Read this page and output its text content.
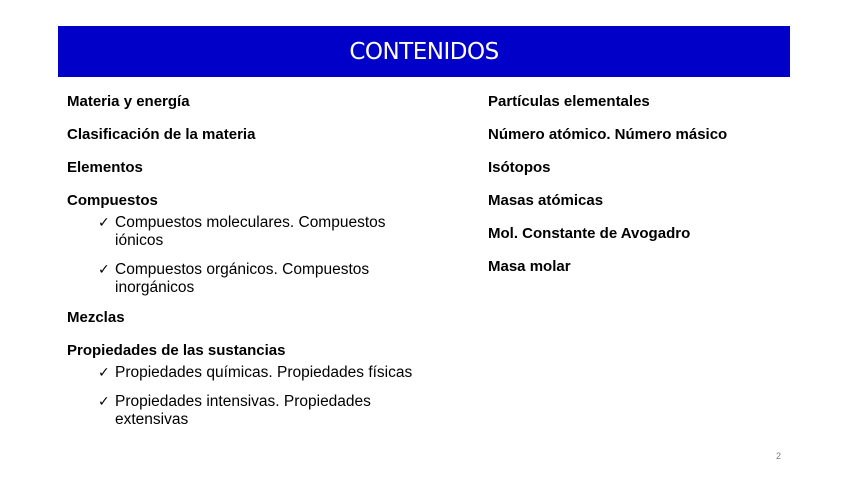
CONTENIDOS
Materia y energía
Clasificación de la materia
Elementos
Compuestos
✓ Compuestos moleculares. Compuestos
iónicos
✓ Compuestos orgánicos. Compuestos
inorgánicos
Mezclas
Propiedades de las sustancias
✓ Propiedades químicas. Propiedades físicas
✓ Propiedades intensivas. Propiedades
extensivas
Partículas elementales
Número atómico. Número másico
Isótopos
Masas atómicas
Mol. Constante de Avogadro
Masa molar
2
